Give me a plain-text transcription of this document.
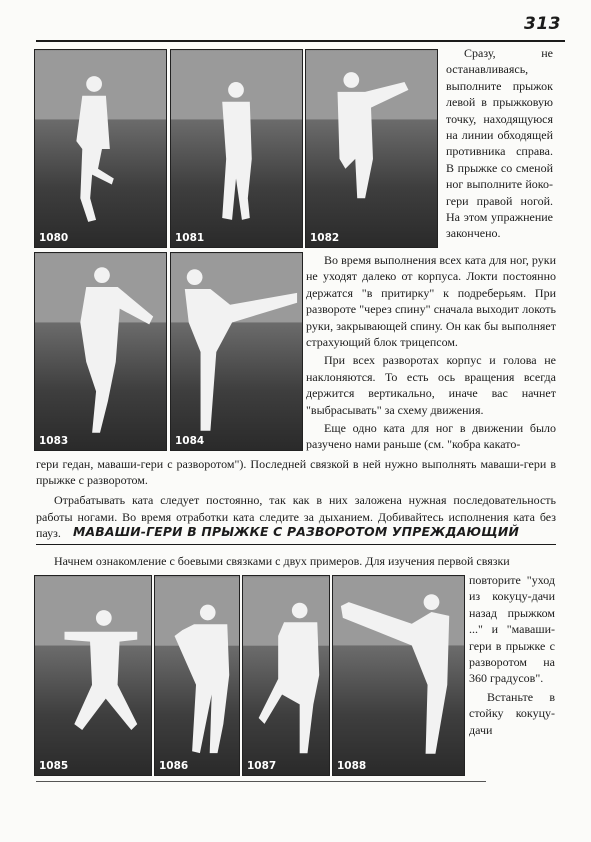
313
1080	1081	1082
1083	1084

Сразу, не останавливаясь, выполните прыжок левой в прыжковую точку, находящуюся на линии обходящей противника справа. В прыжке со сменой ног выполните йоко-гери правой ногой. На этом упражнение закончено.

Во время выполнения всех ката для ног, руки не уходят далеко от корпуса. Локти постоянно держатся "в притирку" к подреберьям. При развороте "через спину" сначала выходит локоть руки, закрывающей спину. Он как бы выполняет страхующий блок трицепсом.

При всех разворотах корпус и голова не наклоняются. То есть ось вращения всегда держится вертикально, иначе вас начнет "выбрасывать" за схему движения.

Еще одно ката для ног в движении было разучено нами раньше (см. "кобра какато-

гери гедан, маваши-гери с разворотом"). Последней связкой в ней нужно выполнять маваши-гери в прыжке с разворотом.

Отрабатывать ката следует постоянно, так как в них заложена нужная последовательность работы ногами. Во время отработки ката следите за дыханием. Добивайтесь исполнения ката без пауз. МАВАШИ-ГЕРИ В ПРЫЖКЕ С РАЗВОРОТОМ УПРЕЖДАЮЩИЙ

Начнем ознакомление с боевыми связками с двух примеров. Для изучения первой связки

1085	1086	1087	1088

повторите "уход из кокуцу-дачи назад прыжком ..." и "маваши-гери в прыжке с разворотом на 360 градусов".

Встаньте в стойку кокуцу-дачи
